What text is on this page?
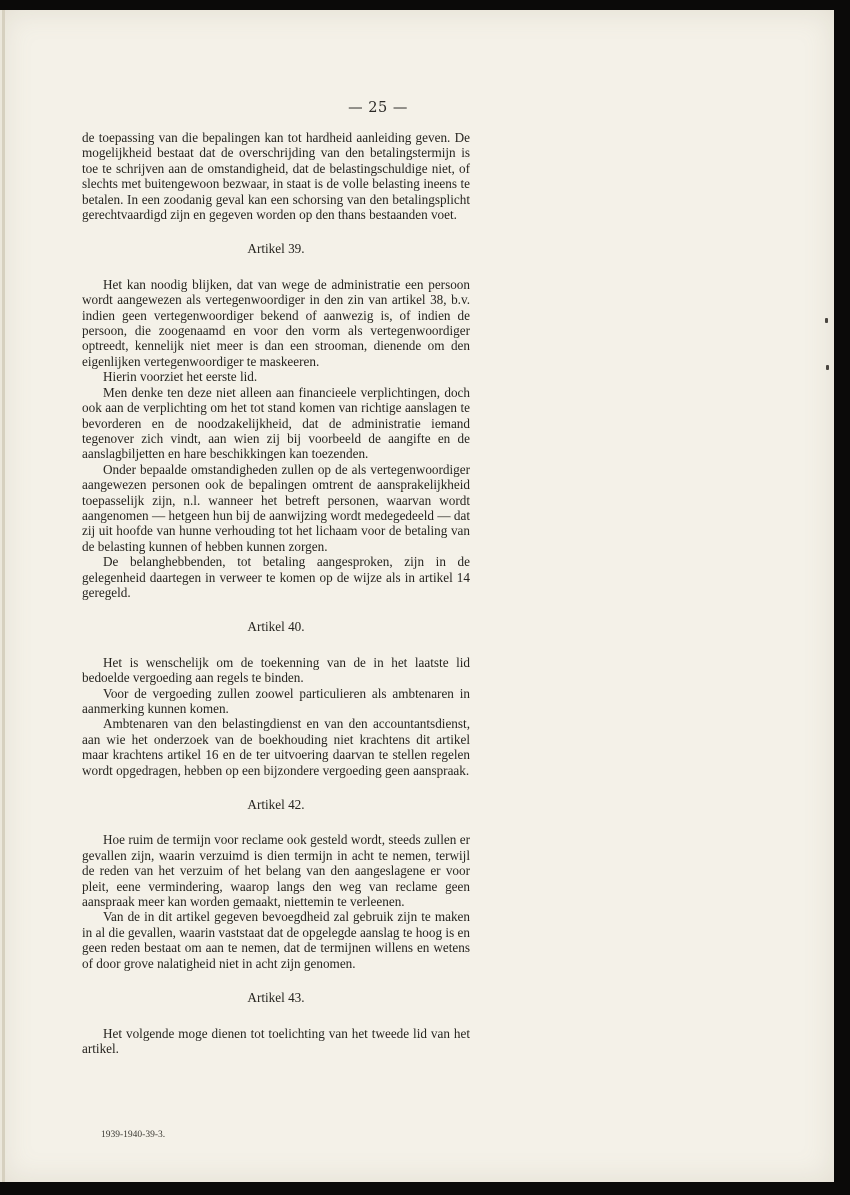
— 25 —

de toepassing van die bepalingen kan tot hardheid aanleiding geven. De mogelijkheid bestaat dat de overschrijding van den betalingstermijn is toe te schrijven aan de omstandigheid, dat de belastingschuldige niet, of slechts met buitengewoon bezwaar, in staat is de volle belasting ineens te betalen. In een zoodanig geval kan een schorsing van den betalingsplicht gerechtvaardigd zijn en gegeven worden op den thans bestaanden voet.

Artikel 39.

Het kan noodig blijken, dat van wege de administratie een persoon wordt aangewezen als vertegenwoordiger in den zin van artikel 38, b.v. indien geen vertegenwoordiger bekend of aanwezig is, of indien de persoon, die zoogenaamd en voor den vorm als vertegenwoordiger optreedt, kennelijk niet meer is dan een strooman, dienende om den eigenlijken vertegenwoordiger te maskeeren.

Hierin voorziet het eerste lid.

Men denke ten deze niet alleen aan financieele verplichtingen, doch ook aan de verplichting om het tot stand komen van richtige aanslagen te bevorderen en de noodzakelijkheid, dat de administratie iemand tegenover zich vindt, aan wien zij bij voorbeeld de aangifte en de aanslagbiljetten en hare beschikkingen kan toezenden.

Onder bepaalde omstandigheden zullen op de als vertegenwoordiger aangewezen personen ook de bepalingen omtrent de aansprakelijkheid toepasselijk zijn, n.l. wanneer het betreft personen, waarvan wordt aangenomen — hetgeen hun bij de aanwijzing wordt medegedeeld — dat zij uit hoofde van hunne verhouding tot het lichaam voor de betaling van de belasting kunnen of hebben kunnen zorgen.

De belanghebbenden, tot betaling aangesproken, zijn in de gelegenheid daartegen in verweer te komen op de wijze als in artikel 14 geregeld.

Artikel 40.

Het is wenschelijk om de toekenning van de in het laatste lid bedoelde vergoeding aan regels te binden.

Voor de vergoeding zullen zoowel particulieren als ambtenaren in aanmerking kunnen komen.

Ambtenaren van den belastingdienst en van den accountantsdienst, aan wie het onderzoek van de boekhouding niet krachtens dit artikel maar krachtens artikel 16 en de ter uitvoering daarvan te stellen regelen wordt opgedragen, hebben op een bijzondere vergoeding geen aanspraak.

Artikel 42.

Hoe ruim de termijn voor reclame ook gesteld wordt, steeds zullen er gevallen zijn, waarin verzuimd is dien termijn in acht te nemen, terwijl de reden van het verzuim of het belang van den aangeslagene er voor pleit, eene vermindering, waarop langs den weg van reclame geen aanspraak meer kan worden gemaakt, niettemin te verleenen.

Van de in dit artikel gegeven bevoegdheid zal gebruik zijn te maken in al die gevallen, waarin vaststaat dat de opgelegde aanslag te hoog is en geen reden bestaat om aan te nemen, dat de termijnen willens en wetens of door grove nalatigheid niet in acht zijn genomen.

Artikel 43.

Het volgende moge dienen tot toelichting van het tweede lid van het artikel.

1939-1940-39-3.
